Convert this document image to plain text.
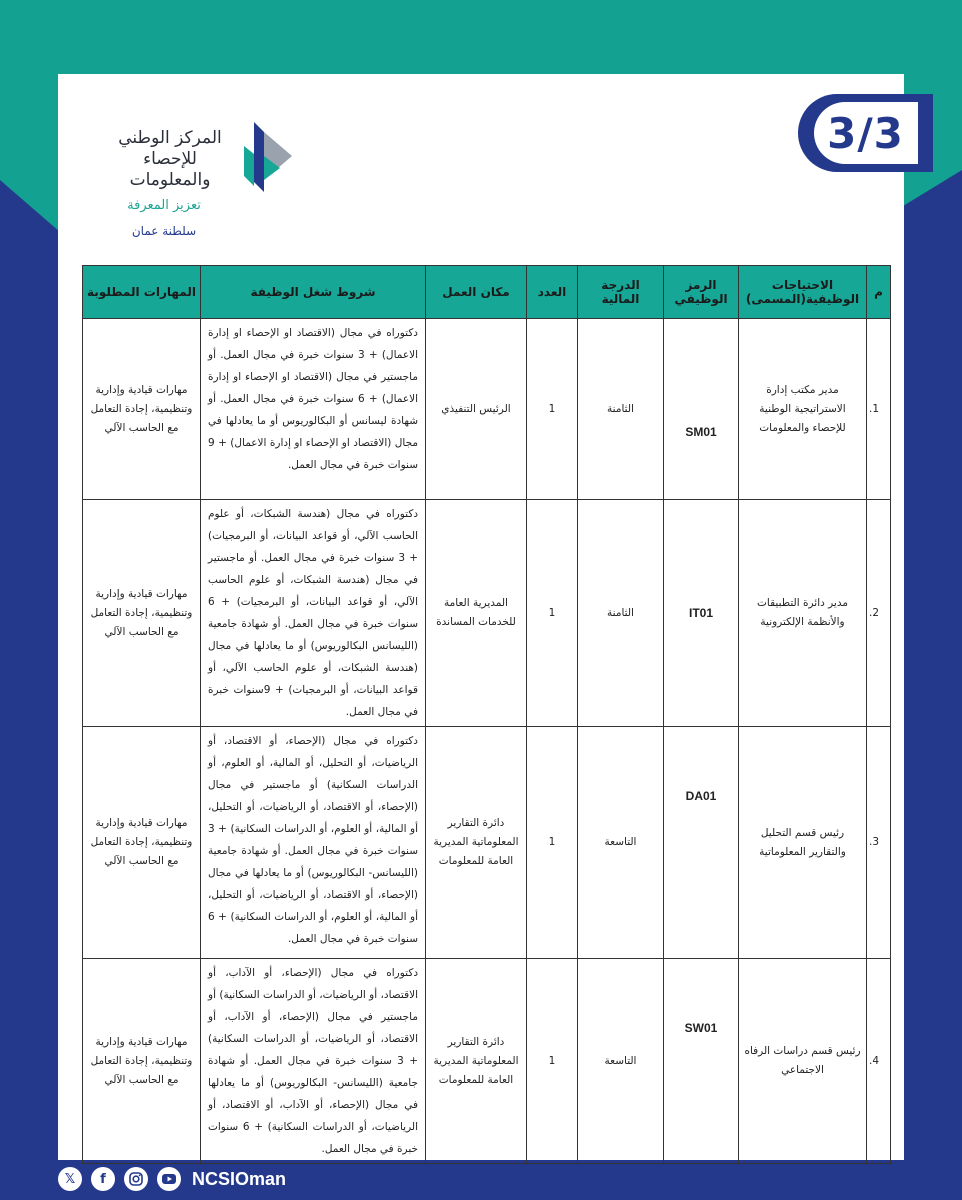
3/3
المركز الوطني
للإحصاء
والمعلومات
تعزيز المعرفة
سلطنة عمان
م	الاحتياجات الوظيفية(المسمى)	الرمز الوظيفي	الدرجة المالية	العدد	مكان العمل	شروط شغل الوظيفة	المهارات المطلوبة
1.	مدير مكتب إدارة الاستراتيجية الوطنية للإحصاء والمعلومات	SM01	الثامنة	1	الرئيس التنفيذي	دكتوراه في مجال (الاقتصاد او الإحصاء او إدارة الاعمال) + 3 سنوات خبرة في مجال العمل. أو ماجستير في مجال (الاقتصاد او الإحصاء او إدارة الاعمال) + 6 سنوات خبرة في مجال العمل. أو شهادة ليسانس أو البكالوريوس أو ما يعادلها في مجال (الاقتصاد او الإحصاء او إدارة الاعمال) + 9 سنوات خبرة في مجال العمل.	مهارات قيادية وإدارية وتنظيمية، إجادة التعامل مع الحاسب الآلي
2.	مدير دائرة التطبيقات والأنظمة الإلكترونية	IT01	الثامنة	1	المديرية العامة للخدمات المساندة	دكتوراه في مجال (هندسة الشبكات، أو علوم الحاسب الآلي، أو قواعد البيانات، أو البرمجيات) + 3 سنوات خبرة في مجال العمل. أو ماجستير في مجال (هندسة الشبكات، أو علوم الحاسب الآلي، أو قواعد البيانات، أو البرمجيات) + 6 سنوات خبرة في مجال العمل. أو شهادة جامعية (الليسانس البكالوريوس) أو ما يعادلها في مجال (هندسة الشبكات، أو علوم الحاسب الآلي، أو قواعد البيانات، أو البرمجيات) + 9سنوات خبرة في مجال العمل.	مهارات قيادية وإدارية وتنظيمية، إجادة التعامل مع الحاسب الآلي
3.	رئيس قسم التحليل والتقارير المعلوماتية	DA01	التاسعة	1	دائرة التقارير المعلوماتية المديرية العامة للمعلومات	دكتوراه في مجال (الإحصاء، أو الاقتصاد، أو الرياضيات، أو التحليل، أو المالية، أو العلوم، أو الدراسات السكانية) أو ماجستير في مجال (الإحصاء، أو الاقتصاد، أو الرياضيات، أو التحليل، أو المالية، أو العلوم، أو الدراسات السكانية) + 3 سنوات خبرة في مجال العمل. أو شهادة جامعية (الليسانس- البكالوريوس) أو ما يعادلها في مجال (الإحصاء، أو الاقتصاد، أو الرياضيات، أو التحليل، أو المالية، أو العلوم، أو الدراسات السكانية) + 6 سنوات خبرة في مجال العمل.	مهارات قيادية وإدارية وتنظيمية، إجادة التعامل مع الحاسب الآلي
4.	رئيس قسم دراسات الرفاه الاجتماعي	SW01	التاسعة	1	دائرة التقارير المعلوماتية المديرية العامة للمعلومات	دكتوراه في مجال (الإحصاء، أو الآداب، أو الاقتصاد، أو الرياضيات، أو الدراسات السكانية) أو ماجستير في مجال (الإحصاء، أو الآداب، أو الاقتصاد، أو الرياضيات، أو الدراسات السكانية) + 3 سنوات خبرة في مجال العمل. أو شهادة جامعية (الليسانس- البكالوريوس) أو ما يعادلها في مجال (الإحصاء، أو الآداب، أو الاقتصاد، أو الرياضيات، أو الدراسات السكانية) + 6 سنوات خبرة في مجال العمل.	مهارات قيادية وإدارية وتنظيمية، إجادة التعامل مع الحاسب الآلي
𝕏	f	NCSIOman
